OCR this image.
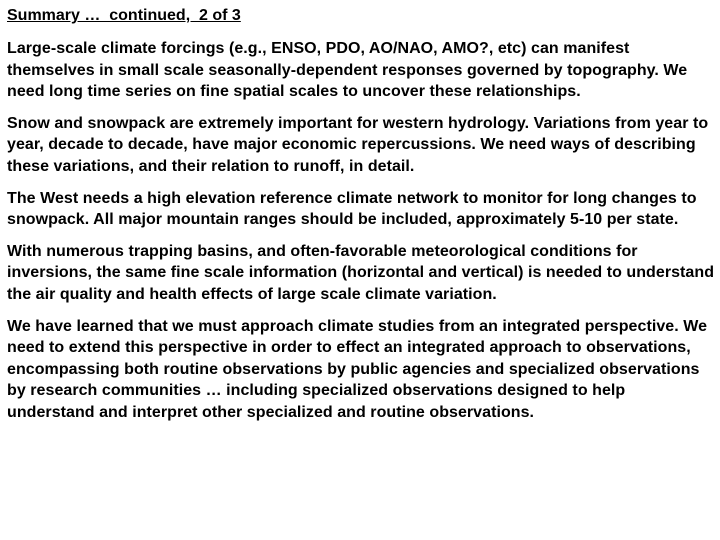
Summary …  continued,  2 of 3

Large-scale climate forcings (e.g., ENSO, PDO, AO/NAO, AMO?, etc) can manifest themselves in small scale seasonally-dependent responses governed by topography. We need long time series on fine spatial scales to uncover these relationships.

Snow and snowpack are extremely important for western hydrology. Variations from year to year, decade to decade, have major economic repercussions. We need ways of describing these variations, and their relation to runoff, in detail.

The West needs a high elevation reference climate network to monitor for long changes to snowpack. All major mountain ranges should be included, approximately 5-10 per state.

With numerous trapping basins, and often-favorable meteorological conditions for inversions, the same fine scale information (horizontal and vertical) is needed to understand the air quality and health effects of large scale climate variation.

We have learned that we must approach climate studies from an integrated perspective. We need to extend this perspective in order to effect an integrated approach to observations, encompassing both routine observations by public agencies and specialized observations by research communities … including specialized observations designed to help understand and interpret other specialized and routine observations.
